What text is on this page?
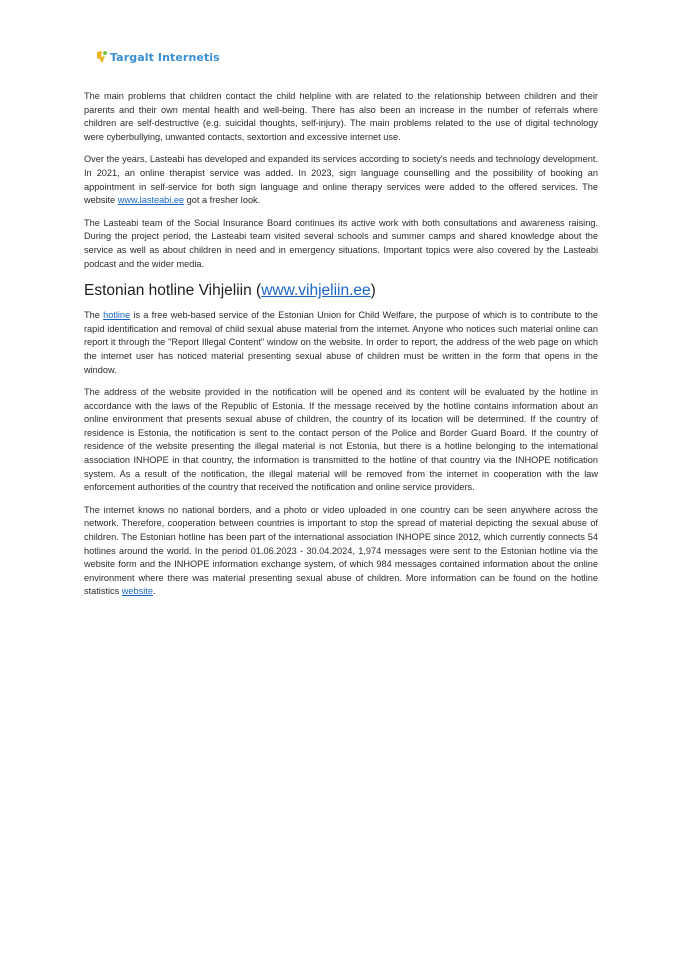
Targalt Internetis

The main problems that children contact the child helpline with are related to the relationship between children and their parents and their own mental health and well-being. There has also been an increase in the number of referrals where children are self-destructive (e.g. suicidal thoughts, self-injury). The main problems related to the use of digital technology were cyberbullying, unwanted contacts, sextortion and excessive internet use.

Over the years, Lasteabi has developed and expanded its services according to society's needs and technology development. In 2021, an online therapist service was added. In 2023, sign language counselling and the possibility of booking an appointment in self-service for both sign language and online therapy services were added to the offered services. The website www.lasteabi.ee got a fresher look.

The Lasteabi team of the Social Insurance Board continues its active work with both consultations and awareness raising. During the project period, the Lasteabi team visited several schools and summer camps and shared knowledge about the service as well as about children in need and in emergency situations. Important topics were also covered by the Lasteabi podcast and the wider media.

Estonian hotline Vihjeliin (www.vihjeliin.ee)

The hotline is a free web-based service of the Estonian Union for Child Welfare, the purpose of which is to contribute to the rapid identification and removal of child sexual abuse material from the internet. Anyone who notices such material online can report it through the "Report Illegal Content" window on the website. In order to report, the address of the web page on which the internet user has noticed material presenting sexual abuse of children must be written in the form that opens in the window.

The address of the website provided in the notification will be opened and its content will be evaluated by the hotline in accordance with the laws of the Republic of Estonia. If the message received by the hotline contains information about an online environment that presents sexual abuse of children, the country of its location will be determined. If the country of residence is Estonia, the notification is sent to the contact person of the Police and Border Guard Board. If the country of residence of the website presenting the illegal material is not Estonia, but there is a hotline belonging to the international association INHOPE in that country, the information is transmitted to the hotline of that country via the INHOPE notification system. As a result of the notification, the illegal material will be removed from the internet in cooperation with the law enforcement authorities of the country that received the notification and online service providers.

The internet knows no national borders, and a photo or video uploaded in one country can be seen anywhere across the network. Therefore, cooperation between countries is important to stop the spread of material depicting the sexual abuse of children. The Estonian hotline has been part of the international association INHOPE since 2012, which currently connects 54 hotlines around the world. In the period 01.06.2023 - 30.04.2024, 1,974 messages were sent to the Estonian hotline via the website form and the INHOPE information exchange system, of which 984 messages contained information about the online environment where there was material presenting sexual abuse of children. More information can be found on the hotline statistics website.
